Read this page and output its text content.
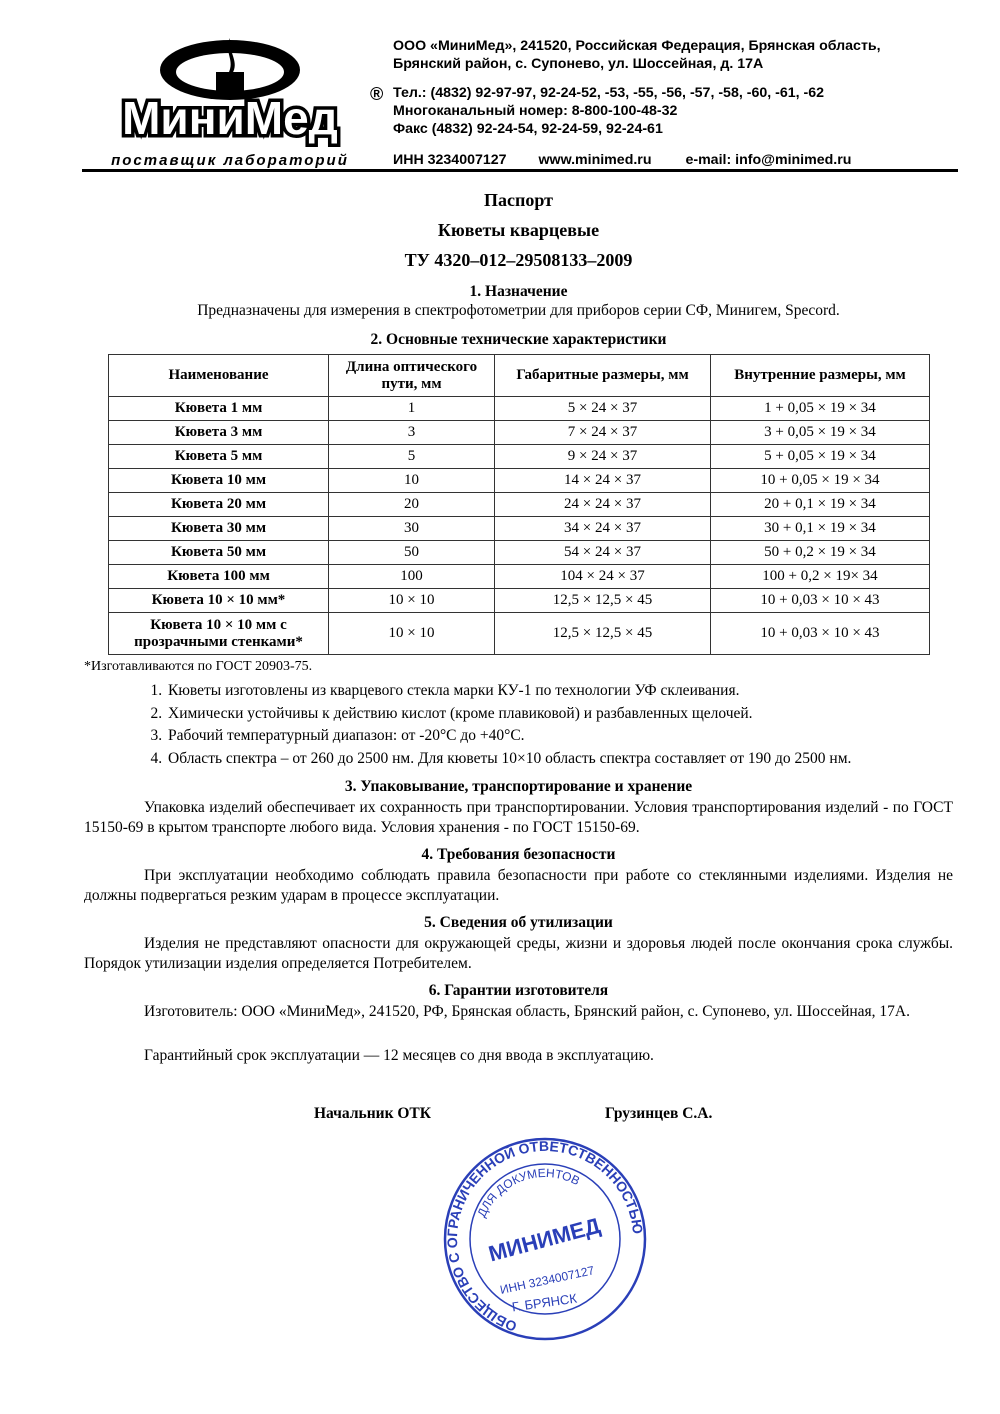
МиниМед ®
поставщик лабораторий
ООО «МиниМед», 241520, Российская Федерация, Брянская область,
Брянский район, с. Супонево, ул. Шоссейная, д. 17А
Тел.: (4832) 92-97-97, 92-24-52, -53, -55, -56, -57, -58, -60, -61, -62
Многоканальный номер: 8-800-100-48-32
Факс (4832) 92-24-54, 92-24-59, 92-24-61
ИНН 3234007127 www.minimed.ru e-mail: info@minimed.ru
Паспорт
Кюветы кварцевые
ТУ 4320–012–29508133–2009
1. Назначение
Предназначены для измерения в спектрофотометрии для приборов серии СФ, Минигем, Specord.
2. Основные технические характеристики
Наименование	Длина оптического пути, мм	Габаритные размеры, мм	Внутренние размеры, мм
Кювета 1 мм	1	5 × 24 × 37	1 + 0,05 × 19 × 34
Кювета 3 мм	3	7 × 24 × 37	3 + 0,05 × 19 × 34
Кювета 5 мм	5	9 × 24 × 37	5 + 0,05 × 19 × 34
Кювета 10 мм	10	14 × 24 × 37	10 + 0,05 × 19 × 34
Кювета 20 мм	20	24 × 24 × 37	20 + 0,1 × 19 × 34
Кювета 30 мм	30	34 × 24 × 37	30 + 0,1 × 19 × 34
Кювета 50 мм	50	54 × 24 × 37	50 + 0,2 × 19 × 34
Кювета 100 мм	100	104 × 24 × 37	100 + 0,2 × 19× 34
Кювета 10 × 10 мм*	10 × 10	12,5 × 12,5 × 45	10 + 0,03 × 10 × 43
Кювета 10 × 10 мм с прозрачными стенками*	10 × 10	12,5 × 12,5 × 45	10 + 0,03 × 10 × 43
*Изготавливаются по ГОСТ 20903-75.
1. Кюветы изготовлены из кварцевого стекла марки КУ-1 по технологии УФ склеивания.
2. Химически устойчивы к действию кислот (кроме плавиковой) и разбавленных щелочей.
3. Рабочий температурный диапазон: от -20°С до +40°С.
4. Область спектра – от 260 до 2500 нм. Для кюветы 10×10 область спектра составляет от 190 до 2500 нм.
3. Упаковывание, транспортирование и хранение
Упаковка изделий обеспечивает их сохранность при транспортировании. Условия транспортирования изделий - по ГОСТ 15150-69 в крытом транспорте любого вида. Условия хранения - по ГОСТ 15150-69.
4. Требования безопасности
При эксплуатации необходимо соблюдать правила безопасности при работе со стеклянными изделиями. Изделия не должны подвергаться резким ударам в процессе эксплуатации.
5. Сведения об утилизации
Изделия не представляют опасности для окружающей среды, жизни и здоровья людей после окончания срока службы. Порядок утилизации изделия определяется Потребителем.
6. Гарантии изготовителя
Изготовитель: ООО «МиниМед», 241520, РФ, Брянская область, Брянский район, с. Супонево, ул. Шоссейная, 17А.
Гарантийный срок эксплуатации — 12 месяцев со дня ввода в эксплуатацию.
Начальник ОТК	Грузинцев С.А.
ОБЩЕСТВО С ОГРАНИЧЕННОЙ ОТВЕТСТВЕННОСТЬЮ
ДЛЯ ДОКУМЕНТОВ
МИНИМЕД
ИНН 3234007127
Г. БРЯНСК
